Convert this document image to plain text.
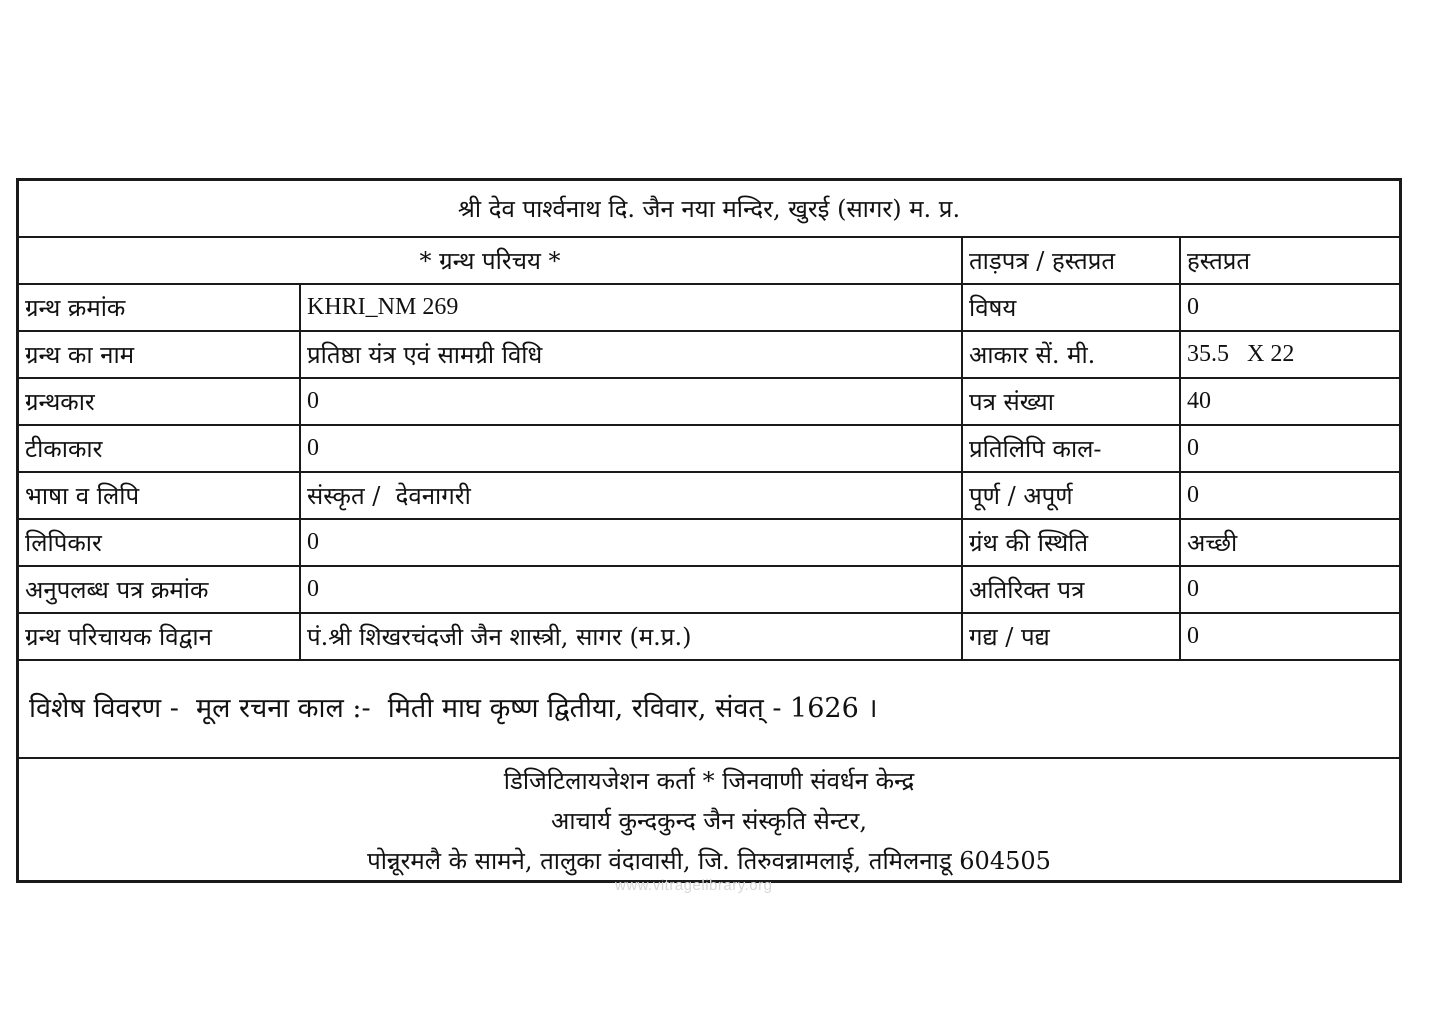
श्री देव पार्श्वनाथ दि. जैन नया मन्दिर, खुरई (सागर) म. प्र.			
* ग्रन्थ परिचय *		ताड़पत्र / हस्तप्रत	हस्तप्रत
ग्रन्थ क्रमांक	KHRI_NM 269	विषय	0
ग्रन्थ का नाम	प्रतिष्ठा यंत्र एवं सामग्री विधि	आकार सें. मी.	35.5   X 22
ग्रन्थकार	0	पत्र संख्या	40
टीकाकार	0	प्रतिलिपि काल-	0
भाषा व लिपि	संस्कृत /  देवनागरी	पूर्ण / अपूर्ण	0
लिपिकार	0	ग्रंथ की स्थिति	अच्छी
अनुपलब्ध पत्र क्रमांक	0	अतिरिक्त पत्र	0
ग्रन्थ परिचायक विद्वान	पं.श्री शिखरचंदजी जैन शास्त्री, सागर (म.प्र.)	गद्य / पद्य	0
विशेष विवरण -  मूल रचना काल :-  मिती माघ कृष्ण द्वितीया, रविवार, संवत् - 1626 ।
डिजिटिलायजेशन कर्ता * जिनवाणी संवर्धन केन्द्र
आचार्य कुन्दकुन्द जैन संस्कृति सेन्टर,
पोन्नूरमलै के सामने, तालुका वंदावासी, जि. तिरुवन्नामलाई, तमिलनाडू 604505
www.vitragelibrary.org
